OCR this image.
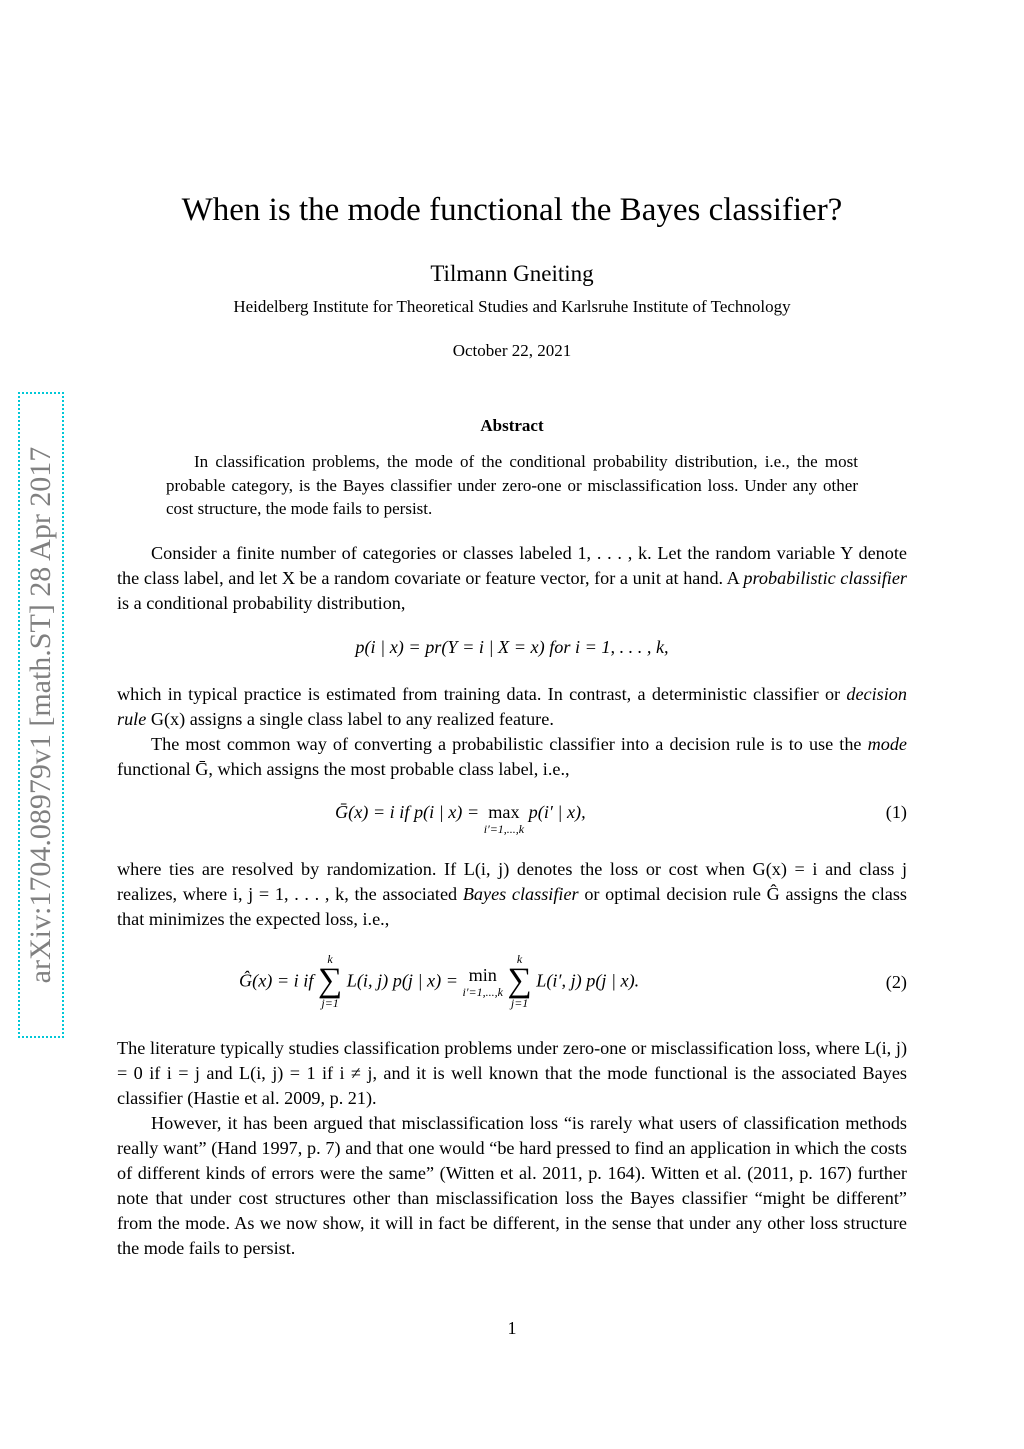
arXiv:1704.08979v1 [math.ST] 28 Apr 2017
When is the mode functional the Bayes classifier?
Tilmann Gneiting
Heidelberg Institute for Theoretical Studies and Karlsruhe Institute of Technology
October 22, 2021
Abstract
In classification problems, the mode of the conditional probability distribution, i.e., the most probable category, is the Bayes classifier under zero-one or misclassification loss. Under any other cost structure, the mode fails to persist.
Consider a finite number of categories or classes labeled 1, . . . , k. Let the random variable Y denote the class label, and let X be a random covariate or feature vector, for a unit at hand. A probabilistic classifier is a conditional probability distribution,
p(i | x) = pr(Y = i | X = x) for i = 1, . . . , k,
which in typical practice is estimated from training data. In contrast, a deterministic classifier or decision rule G(x) assigns a single class label to any realized feature.
The most common way of converting a probabilistic classifier into a decision rule is to use the mode functional Ḡ, which assigns the most probable class label, i.e.,
Ḡ(x) = i if p(i | x) = max
i′=1,...,k
p(i′ | x),	(1)
where ties are resolved by randomization. If L(i, j) denotes the loss or cost when G(x) = i and class j realizes, where i, j = 1, . . . , k, the associated Bayes classifier or optimal decision rule Ĝ assigns the class that minimizes the expected loss, i.e.,
Ĝ(x) = i if
k
∑
j=1
L(i, j) p(j | x) = min
i′=1,...,k

k
∑
j=1
L(i′, j) p(j | x).	(2)
The literature typically studies classification problems under zero-one or misclassification loss, where L(i, j) = 0 if i = j and L(i, j) = 1 if i ≠ j, and it is well known that the mode functional is the associated Bayes classifier (Hastie et al. 2009, p. 21).
However, it has been argued that misclassification loss “is rarely what users of classification methods really want” (Hand 1997, p. 7) and that one would “be hard pressed to find an application in which the costs of different kinds of errors were the same” (Witten et al. 2011, p. 164). Witten et al. (2011, p. 167) further note that under cost structures other than misclassification loss the Bayes classifier “might be different” from the mode. As we now show, it will in fact be different, in the sense that under any other loss structure the mode fails to persist.
1
